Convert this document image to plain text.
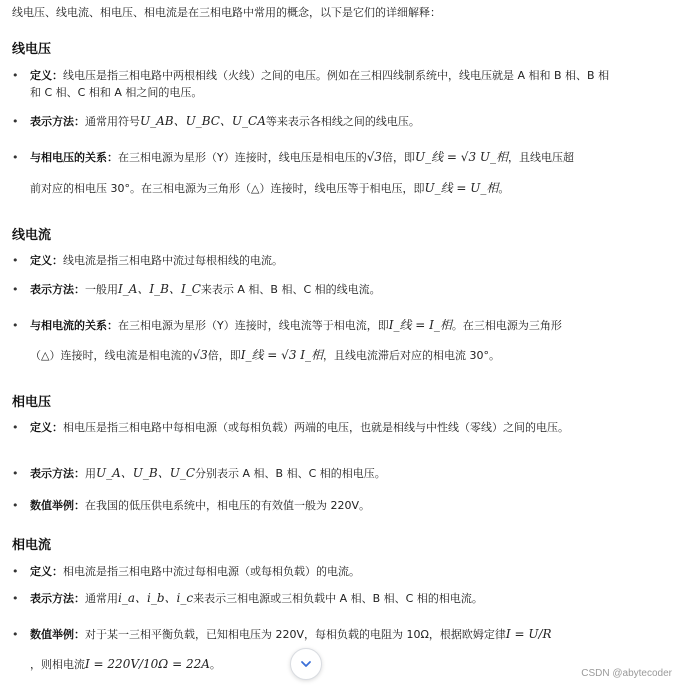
线电压、线电流、相电压、相电流是在三相电路中常用的概念，以下是它们的详细解释：
线电压
•	定义：线电压是指三相电路中两根相线（火线）之间的电压。例如在三相四线制系统中，线电压就是 A 相和 B 相、B 相和 C 相、C 相和 A 相之间的电压。
•	表示方法：通常用符号U_AB、U_BC、U_CA等来表示各相线之间的线电压。
•	与相电压的关系：在三相电源为星形（Y）连接时，线电压是相电压的√3倍，即U_线 = √3 U_相，且线电压超
前对应的相电压 30°。在三相电源为三角形（△）连接时，线电压等于相电压，即U_线 = U_相。
线电流
•	定义：线电流是指三相电路中流过每根相线的电流。
•	表示方法：一般用I_A、I_B、I_C来表示 A 相、B 相、C 相的线电流。
•	与相电流的关系：在三相电源为星形（Y）连接时，线电流等于相电流，即I_线 = I_相。在三相电源为三角形
（△）连接时，线电流是相电流的√3倍，即I_线 = √3 I_相，且线电流滞后对应的相电流 30°。
相电压
•	定义：相电压是指三相电路中每相电源（或每相负载）两端的电压，也就是相线与中性线（零线）之间的电压。
•	表示方法：用U_A、U_B、U_C分别表示 A 相、B 相、C 相的相电压。
•	数值举例：在我国的低压供电系统中，相电压的有效值一般为 220V。
相电流
•	定义：相电流是指三相电路中流过每相电源（或每相负载）的电流。
•	表示方法：通常用i_a、i_b、i_c来表示三相电源或三相负载中 A 相、B 相、C 相的相电流。
•	数值举例：对于某一三相平衡负载，已知相电压为 220V，每相负载的电阻为 10Ω，根据欧姆定律I = U/R
，则相电流I = 220V/10Ω = 22A。
CSDN @abytecoder
